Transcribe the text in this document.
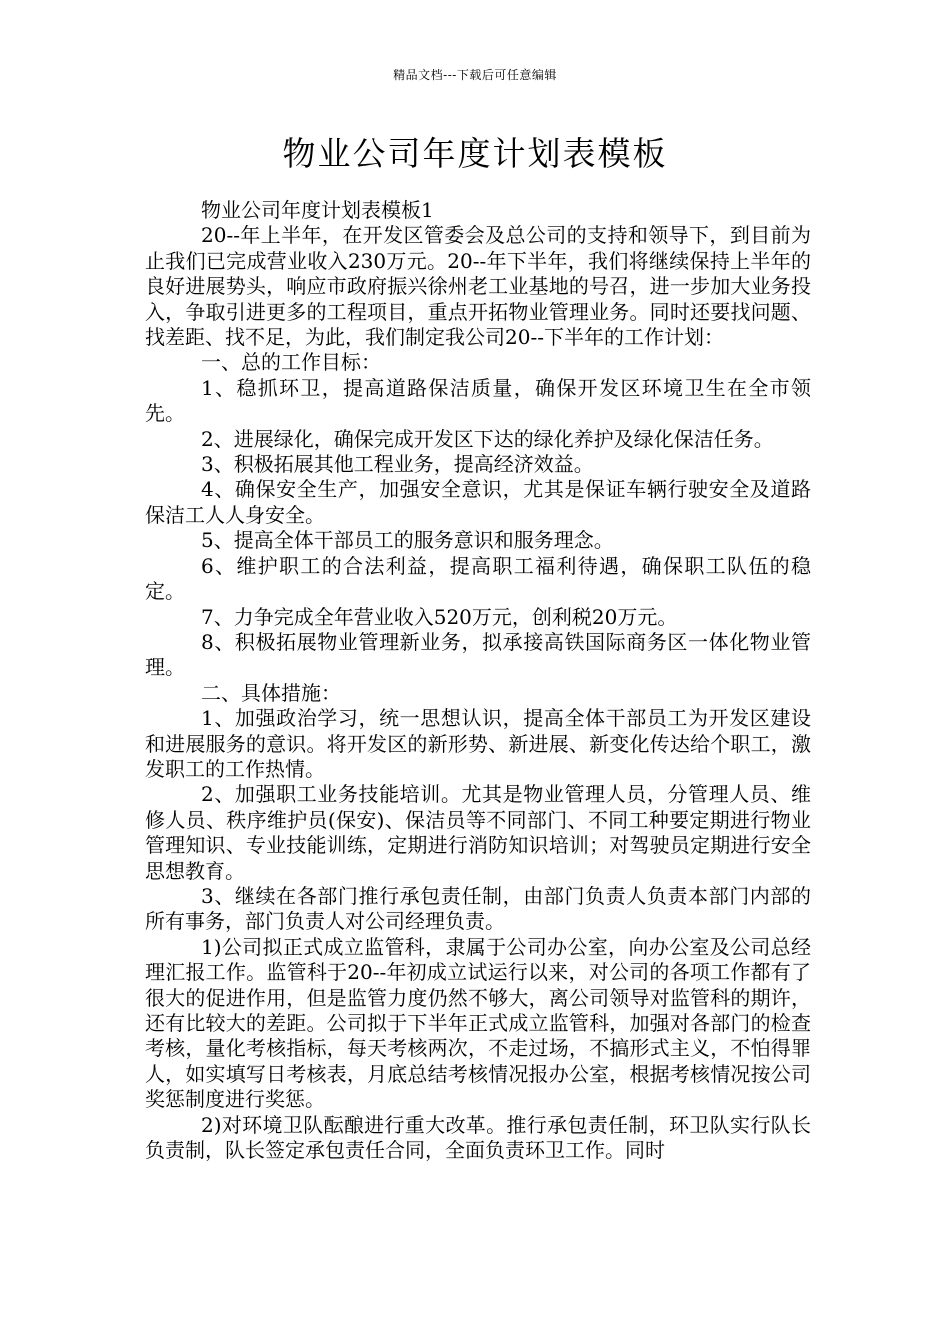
精品文档---下载后可任意编辑
物业公司年度计划表模板

物业公司年度计划表模板1

20--年上半年，在开发区管委会及总公司的支持和领导下，到目前为止我们已完成营业收入230万元。20--年下半年，我们将继续保持上半年的良好进展势头，响应市政府振兴徐州老工业基地的号召，进一步加大业务投入，争取引进更多的工程项目，重点开拓物业管理业务。同时还要找问题、找差距、找不足，为此，我们制定我公司20--下半年的工作计划：

一、总的工作目标：

1、稳抓环卫，提高道路保洁质量，确保开发区环境卫生在全市领先。

2、进展绿化，确保完成开发区下达的绿化养护及绿化保洁任务。

3、积极拓展其他工程业务，提高经济效益。

4、确保安全生产，加强安全意识，尤其是保证车辆行驶安全及道路保洁工人人身安全。

5、提高全体干部员工的服务意识和服务理念。

6、维护职工的合法利益，提高职工福利待遇，确保职工队伍的稳定。

7、力争完成全年营业收入520万元，创利税20万元。

8、积极拓展物业管理新业务，拟承接高铁国际商务区一体化物业管理。

二、具体措施：

1、加强政治学习，统一思想认识，提高全体干部员工为开发区建设和进展服务的意识。将开发区的新形势、新进展、新变化传达给个职工，激发职工的工作热情。

2、加强职工业务技能培训。尤其是物业管理人员，分管理人员、维修人员、秩序维护员(保安)、保洁员等不同部门、不同工种要定期进行物业管理知识、专业技能训练，定期进行消防知识培训；对驾驶员定期进行安全思想教育。

3、继续在各部门推行承包责任制，由部门负责人负责本部门内部的所有事务，部门负责人对公司经理负责。

1)公司拟正式成立监管科，隶属于公司办公室，向办公室及公司总经理汇报工作。监管科于20--年初成立试运行以来，对公司的各项工作都有了很大的促进作用，但是监管力度仍然不够大，离公司领导对监管科的期许，还有比较大的差距。公司拟于下半年正式成立监管科，加强对各部门的检查考核，量化考核指标，每天考核两次，不走过场，不搞形式主义，不怕得罪人，如实填写日考核表，月底总结考核情况报办公室，根据考核情况按公司奖惩制度进行奖惩。

2)对环境卫队酝酿进行重大改革。推行承包责任制，环卫队实行队长负责制，队长签定承包责任合同，全面负责环卫工作。同时
